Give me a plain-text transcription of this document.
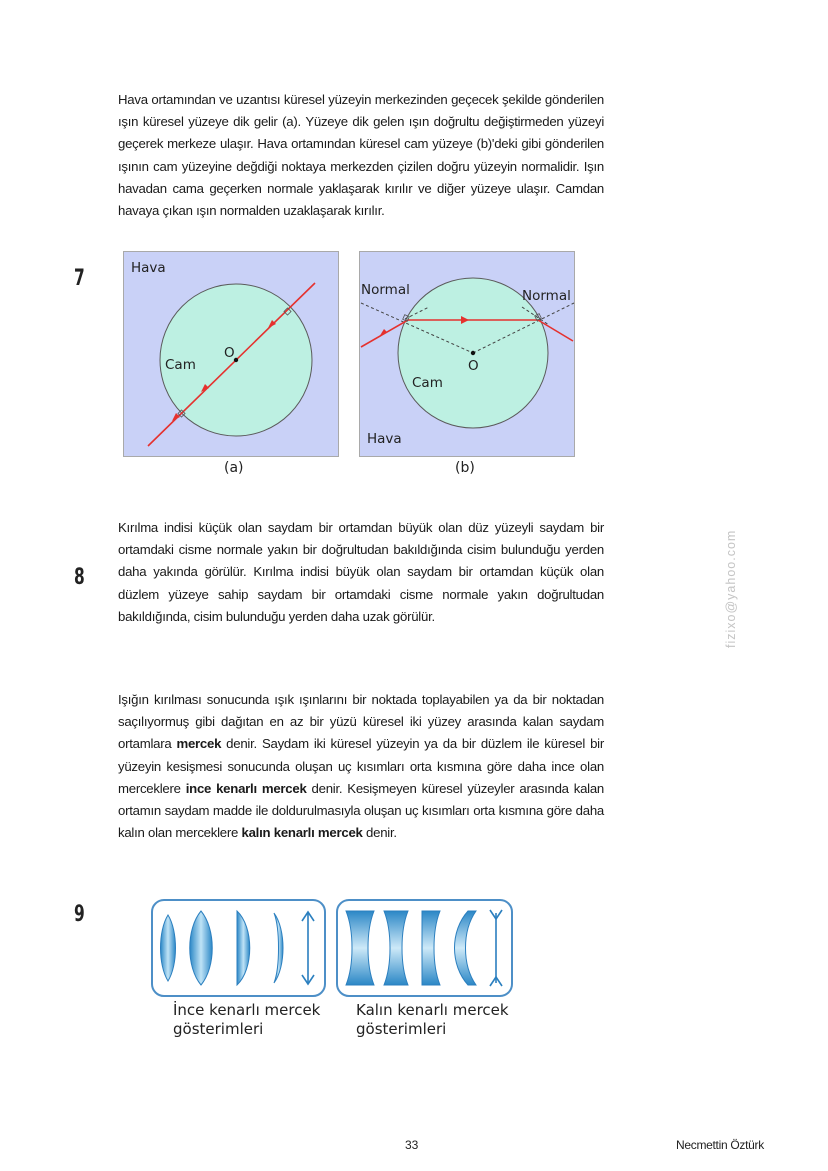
Hava ortamından ve uzantısı küresel yüzeyin merkezinden geçecek şekilde gönderilen ışın küresel yüzeye dik gelir (a). Yüzeye dik gelen ışın doğrultu değiştirmeden yüzeyi geçerek merkeze ulaşır. Hava ortamından küresel cam yüzeye (b)'deki gibi gönderilen ışının cam yüzeyine değdiği noktaya merkezden çizilen doğru yüzeyin normalidir. Işın havadan cama geçerken normale yaklaşarak kırılır ve diğer yüzeye ulaşır. Camdan havaya çıkan ışın normalden uzaklaşarak kırılır.
7	Hava
Cam
O
(a)
Normal	Normal
O
Cam
Hava
(b)
8
Kırılma indisi küçük olan saydam bir ortamdan büyük olan düz yüzeyli saydam bir ortamdaki cisme normale yakın bir doğrultudan bakıldığında cisim bulunduğu yerden daha yakında görülür. Kırılma indisi büyük olan saydam bir ortamdan küçük olan düzlem yüzeye sahip saydam bir ortamdaki cisme normale yakın doğrultudan bakıldığında, cisim bulunduğu yerden daha uzak görülür.	fizixo@yahoo.com
Işığın kırılması sonucunda ışık ışınlarını bir noktada toplayabilen ya da bir noktadan saçılıyormuş gibi dağıtan en az bir yüzü küresel iki yüzey arasında kalan saydam ortamlara mercek denir. Saydam iki küresel yüzeyin ya da bir düzlem ile küresel bir yüzeyin kesişmesi sonucunda oluşan uç kısımları orta kısmına göre daha ince olan merceklere ince kenarlı mercek denir. Kesişmeyen küresel yüzeyler arasında kalan ortamın saydam madde ile doldurulmasıyla oluşan uç kısımları orta kısmına göre daha kalın olan merceklere kalın kenarlı mercek denir.
9
İnce kenarlı mercek
gösterimleri
Kalın kenarlı mercek
gösterimleri
33	Necmettin Öztürk
